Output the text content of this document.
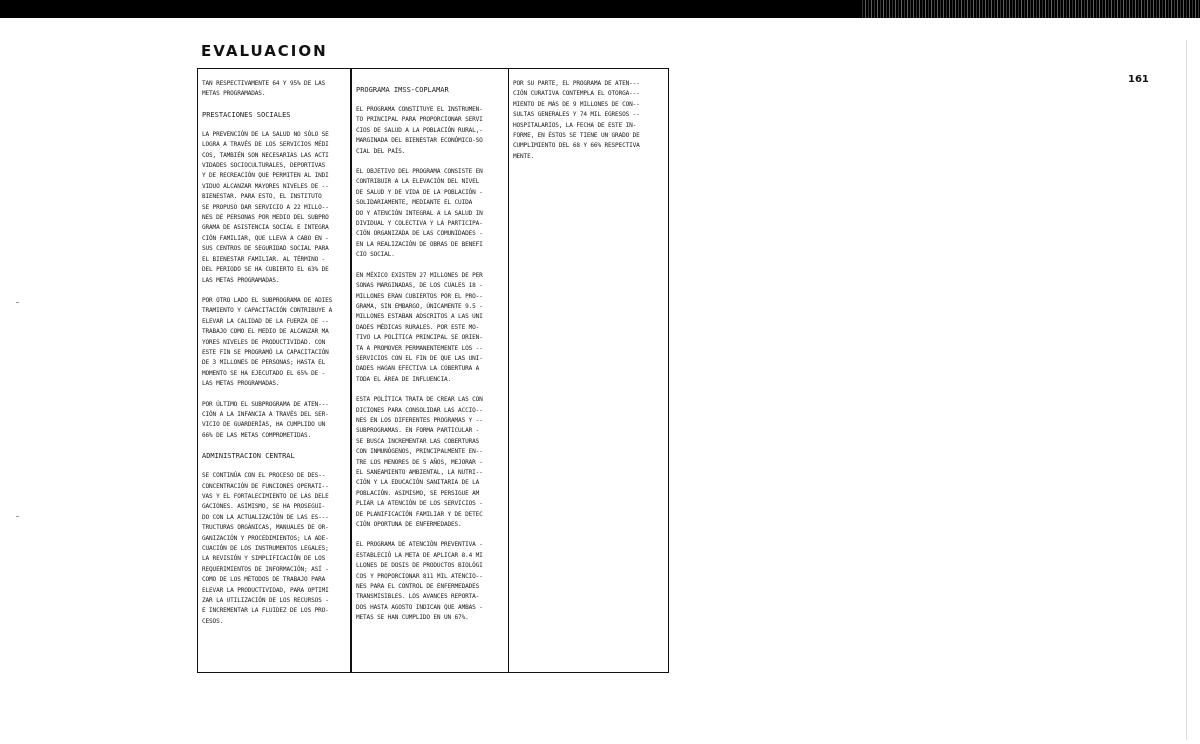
EVALUACION
161
TAN RESPECTIVAMENTE 64 Y 95% DE LAS
METAS PROGRAMADAS.
PRESTACIONES SOCIALES
LA PREVENCIÓN DE LA SALUD NO SÓLO SE
LOGRA A TRAVÉS DE LOS SERVICIOS MÉDI
COS, TAMBIÉN SON NECESARIAS LAS ACTI
VIDADES SOCIOCULTURALES, DEPORTIVAS
Y DE RECREACIÓN QUE PERMITEN AL INDI
VIDUO ALCANZAR MAYORES NIVELES DE --
BIENESTAR. PARA ESTO, EL INSTITUTO
SE PROPUSO DAR SERVICIO A 22 MILLO--
NES DE PERSONAS POR MEDIO DEL SUBPRO
GRAMA DE ASISTENCIA SOCIAL E INTEGRA
CIÓN FAMILIAR, QUE LLEVA A CABO EN -
SUS CENTROS DE SEGURIDAD SOCIAL PARA
EL BIENESTAR FAMILIAR. AL TÉRMINO -
DEL PERIODO SE HA CUBIERTO EL 63% DE
LAS METAS PROGRAMADAS.
POR OTRO LADO EL SUBPROGRAMA DE ADIES
TRAMIENTO Y CAPACITACIÓN CONTRIBUYE A
ELEVAR LA CALIDAD DE LA FUERZA DE --
TRABAJO COMO EL MEDIO DE ALCANZAR MA
YORES NIVELES DE PRODUCTIVIDAD. CON
ESTE FIN SE PROGRAMÓ LA CAPACITACIÓN
DE 3 MILLONES DE PERSONAS; HASTA EL
MOMENTO SE HA EJECUTADO EL 65% DE -
LAS METAS PROGRAMADAS.
POR ÚLTIMO EL SUBPROGRAMA DE ATEN---
CIÓN A LA INFANCIA A TRAVÉS DEL SER-
VICIO DE GUARDERÍAS, HA CUMPLIDO UN
66% DE LAS METAS COMPROMETIDAS.
ADMINISTRACION CENTRAL
SE CONTINÚA CON EL PROCESO DE DES--
CONCENTRACIÓN DE FUNCIONES OPERATI--
VAS Y EL FORTALECIMIENTO DE LAS DELE
GACIONES. ASIMISMO, SE HA PROSEGUI-
DO CON LA ACTUALIZACIÓN DE LAS ES---
TRUCTURAS ORGÁNICAS, MANUALES DE OR-
GANIZACIÓN Y PROCEDIMIENTOS; LA ADE-
CUACIÓN DE LOS INSTRUMENTOS LEGALES;
LA REVISIÓN Y SIMPLIFICACIÓN DE LOS
REQUERIMIENTOS DE INFORMACIÓN; ASÍ -
COMO DE LOS MÉTODOS DE TRABAJO PARA
ELEVAR LA PRODUCTIVIDAD, PARA OPTIMI
ZAR LA UTILIZACIÓN DE LOS RECURSOS -
E INCREMENTAR LA FLUIDEZ DE LOS PRO-
CESOS.
PROGRAMA IMSS-COPLAMAR
EL PROGRAMA CONSTITUYE EL INSTRUMEN-
TO PRINCIPAL PARA PROPORCIONAR SERVI
CIOS DE SALUD A LA POBLACIÓN RURAL,-
MARGINADA DEL BIENESTAR ECONÓMICO-SO
CIAL DEL PAÍS.
EL OBJETIVO DEL PROGRAMA CONSISTE EN
CONTRIBUIR A LA ELEVACIÓN DEL NIVEL
DE SALUD Y DE VIDA DE LA POBLACIÓN -
SOLIDARIAMENTE, MEDIANTE EL CUIDA
DO Y ATENCIÓN INTEGRAL A LA SALUD IN
DIVIDUAL Y COLECTIVA Y LA PARTICIPA-
CIÓN ORGANIZADA DE LAS COMUNIDADES -
EN LA REALIZACIÓN DE OBRAS DE BENEFI
CIO SOCIAL.
EN MÉXICO EXISTEN 27 MILLONES DE PER
SONAS MARGINADAS, DE LOS CUALES 18 -
MILLONES ERAN CUBIERTOS POR EL PRO--
GRAMA, SIN EMBARGO, ÚNICAMENTE 9.5 -
MILLONES ESTABAN ADSCRITOS A LAS UNI
DADES MÉDICAS RURALES. POR ESTE MO-
TIVO LA POLÍTICA PRINCIPAL SE ORIEN-
TA A PROMOVER PERMANENTEMENTE LOS --
SERVICIOS CON EL FIN DE QUE LAS UNI-
DADES HAGAN EFECTIVA LA COBERTURA A
TODA EL ÁREA DE INFLUENCIA.
ESTA POLÍTICA TRATA DE CREAR LAS CON
DICIONES PARA CONSOLIDAR LAS ACCIO--
NES EN LOS DIFERENTES PROGRAMAS Y --
SUBPROGRAMAS. EN FORMA PARTICULAR -
SE BUSCA INCREMENTAR LAS COBERTURAS
CON INMUNÓGENOS, PRINCIPALMENTE EN--
TRE LOS MENORES DE 5 AÑOS, MEJORAR -
EL SANEAMIENTO AMBIENTAL, LA NUTRI--
CIÓN Y LA EDUCACIÓN SANITARIA DE LA
POBLACIÓN. ASIMISMO, SE PERSIGUE AM
PLIAR LA ATENCIÓN DE LOS SERVICIOS -
DE PLANIFICACIÓN FAMILIAR Y DE DETEC
CIÓN OPORTUNA DE ENFERMEDADES.
EL PROGRAMA DE ATENCIÓN PREVENTIVA -
ESTABLECIÓ LA META DE APLICAR 8.4 MI
LLONES DE DOSIS DE PRODUCTOS BIOLÓGI
COS Y PROPORCIONAR 811 MIL ATENCIO--
NES PARA EL CONTROL DE ENFERMEDADES
TRANSMISIBLES. LOS AVANCES REPORTA-
DOS HASTA AGOSTO INDICAN QUE AMBAS -
METAS SE HAN CUMPLIDO EN UN 67%.
POR SU PARTE, EL PROGRAMA DE ATEN---
CIÓN CURATIVA CONTEMPLA EL OTORGA---
MIENTO DE MÁS DE 9 MILLONES DE CON--
SULTAS GENERALES Y 74 MIL EGRESOS --
HOSPITALARIOS, LA FECHA DE ESTE IN-
FORME, EN ÉSTOS SE TIENE UN GRADO DE
CUMPLIMIENTO DEL 68 Y 66% RESPECTIVA
MENTE.
